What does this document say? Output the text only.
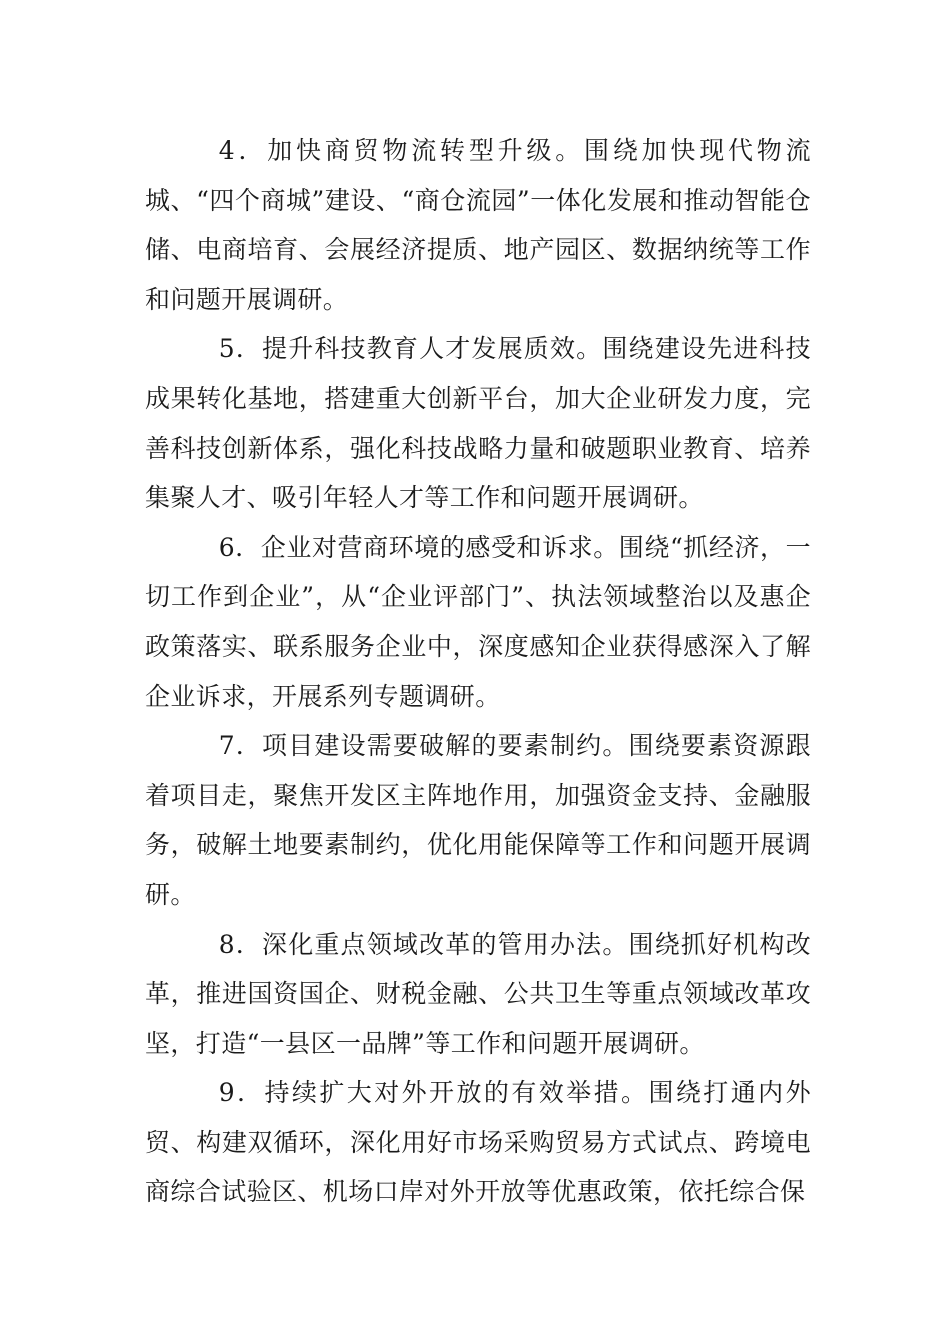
4．加快商贸物流转型升级。围绕加快现代物流城、“四个商城”建设、“商仓流园”一体化发展和推动智能仓储、电商培育、会展经济提质、地产园区、数据纳统等工作和问题开展调研。

5．提升科技教育人才发展质效。围绕建设先进科技成果转化基地，搭建重大创新平台，加大企业研发力度，完善科技创新体系，强化科技战略力量和破题职业教育、培养集聚人才、吸引年轻人才等工作和问题开展调研。

6．企业对营商环境的感受和诉求。围绕“抓经济，一切工作到企业”，从“企业评部门”、执法领域整治以及惠企政策落实、联系服务企业中，深度感知企业获得感深入了解企业诉求，开展系列专题调研。

7．项目建设需要破解的要素制约。围绕要素资源跟着项目走，聚焦开发区主阵地作用，加强资金支持、金融服务，破解土地要素制约，优化用能保障等工作和问题开展调研。

8．深化重点领域改革的管用办法。围绕抓好机构改革，推进国资国企、财税金融、公共卫生等重点领域改革攻坚，打造“一县区一品牌”等工作和问题开展调研。

9．持续扩大对外开放的有效举措。围绕打通内外贸、构建双循环，深化用好市场采购贸易方式试点、跨境电商综合试验区、机场口岸对外开放等优惠政策，依托综合保
